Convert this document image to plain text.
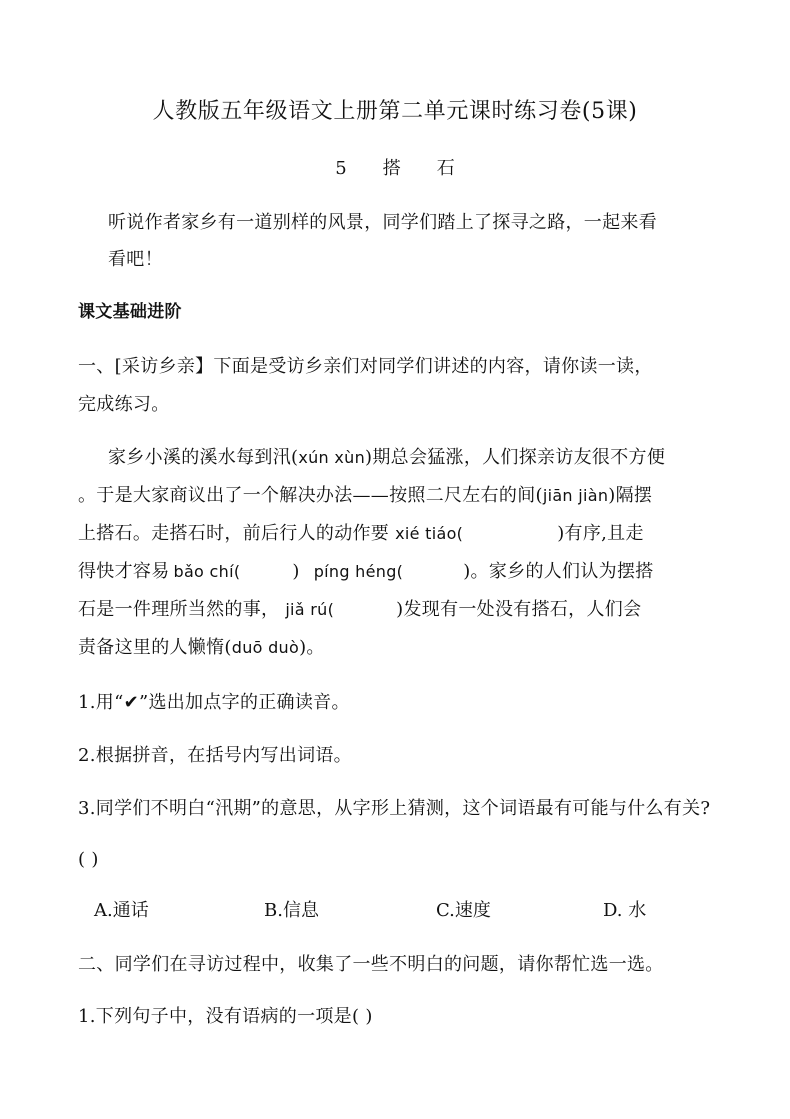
人教版五年级语文上册第二单元课时练习卷(5课)
5 搭 石
听说作者家乡有一道别样的风景，同学们踏上了探寻之路，一起来看
看吧！
课文基础进阶
一、[采访乡亲】下面是受访乡亲们对同学们讲述的内容，请你读一读，
完成练习。
家乡小溪的溪水每到汛(xún xùn)期总会猛涨，人们探亲访友很不方便
。于是大家商议出了一个解决办法——按照二尺左右的间(jiān jiàn)隔摆
上搭石。走搭石时，前后行人的动作要 xié tiáo(	)有序,且走
得快才容易 bǎo chí(	) píng héng(	)。家乡的人们认为摆搭
石是一件理所当然的事， jiǎ rú(	)发现有一处没有搭石，人们会
责备这里的人懒惰(duō duò)。
1.用“✔”选出加点字的正确读音。
2.根据拼音，在括号内写出词语。
3.同学们不明白“汛期”的意思，从字形上猜测，这个词语最有可能与什么有关?
( )
A.通话	B.信息	C.速度	D. 水
二、同学们在寻访过程中，收集了一些不明白的问题，请你帮忙选一选。
1.下列句子中，没有语病的一项是( )
